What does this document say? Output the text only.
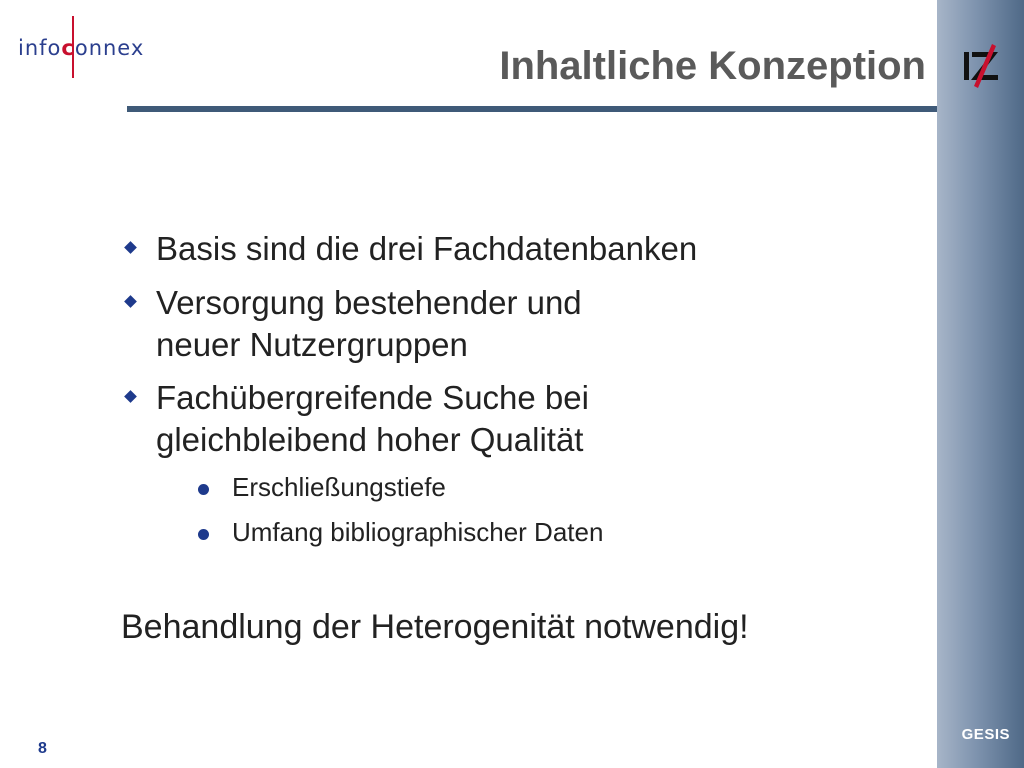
infoconnex	Inhaltliche Konzeption
Basis sind die drei Fachdatenbanken
Versorgung bestehender und
neuer Nutzergruppen
Fachübergreifende Suche bei
gleichbleibend hoher Qualität
Erschließungstiefe
Umfang bibliographischer Daten
Behandlung der Heterogenität notwendig!
8
GESIS
